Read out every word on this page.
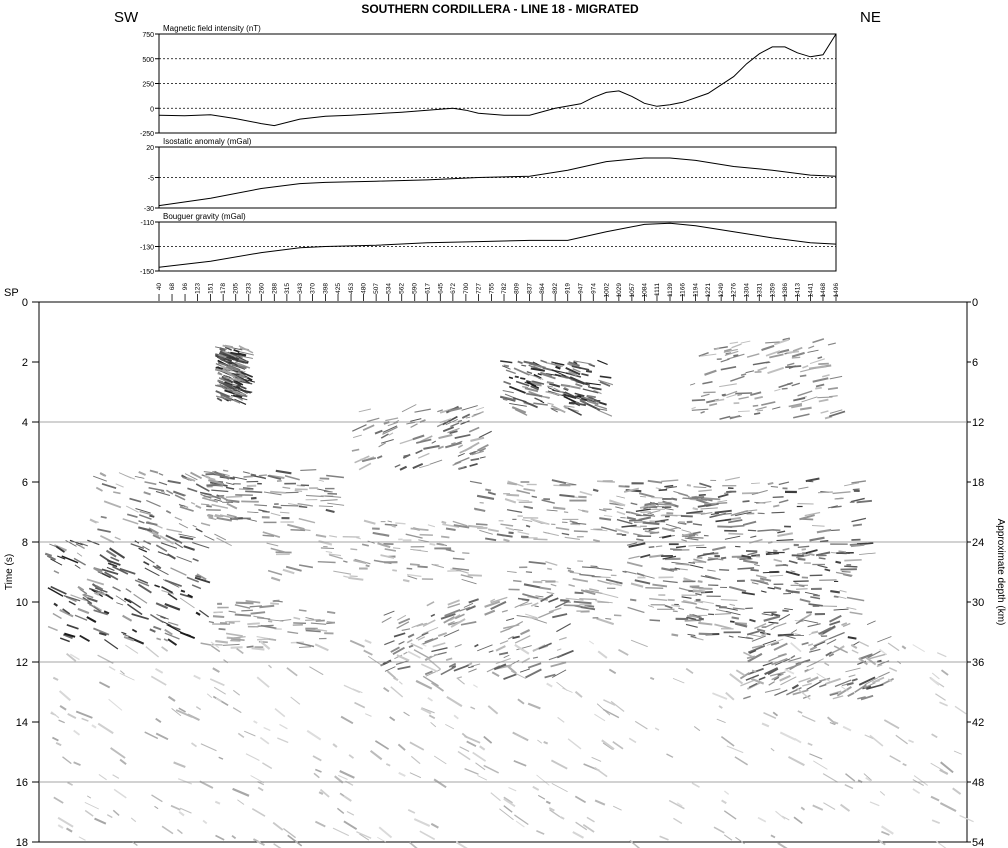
SW	SOUTHERN CORDILLERA - LINE 18 - MIGRATED	NE
Magnetic field intensity (nT)
750
500
250
0
-250
Isostatic anomaly (mGal)
20
-5
-30
Bouguer gravity (mGal)
-110
-130
-150
SP
40 68 96 123 151 178 205 233 260 288 315 343 370 398 425 453 480 507 534 562 590 617 645 672 700 727 755 782 809 837 864 892 919 947 974 1002 1029 1057 1084 1111 1139 1166 1194 1221 1249 1276 1304 1331 1359 1386 1413 1441 1468 1496
0
2
4
6
8
10
12
14
16
18
0
6
12
18
24
30
36
42
48
54
Time (s)	Approximate depth (km)
